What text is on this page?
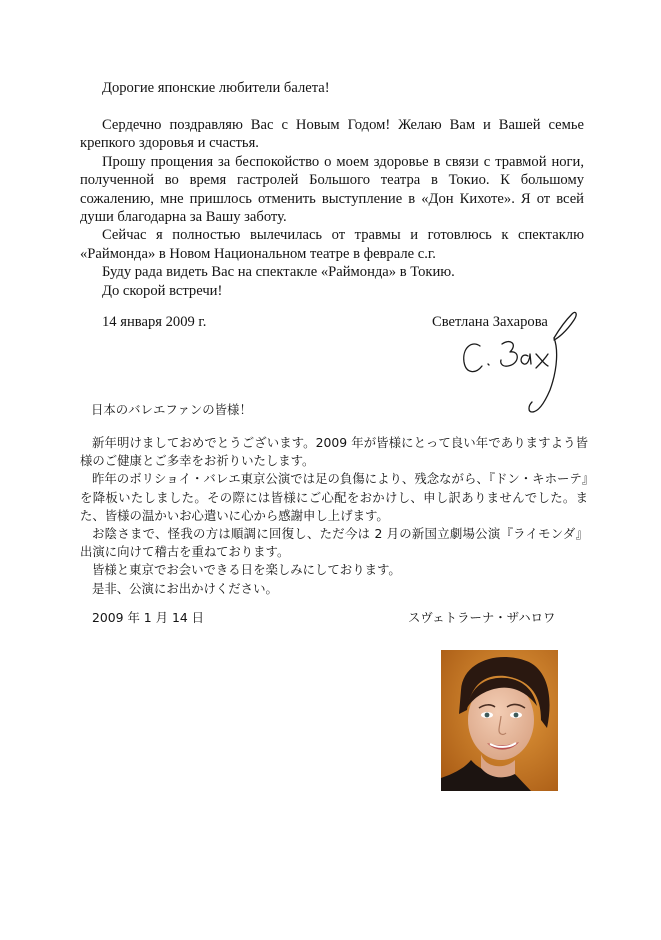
Дорогие японские любители балета!

Сердечно поздравляю Вас с Новым Годом! Желаю Вам и Вашей семье крепкого здоровья и счастья.

Прошу прощения за беспокойство о моем здоровье в связи с травмой ноги, полученной во время гастролей Большого театра в Токио. К большому сожалению, мне пришлось отменить выступление в «Дон Кихоте». Я от всей души благодарна за Вашу заботу.

Сейчас я полностью вылечилась от травмы и готовлюсь к спектаклю «Раймонда» в Новом Национальном театре в феврале с.г.

Буду рада видеть Вас на спектакле «Раймонда» в Токию.

До скорой встречи!

14 января 2009 г.	Светлана Захарова
日本のバレエファンの皆様！

新年明けましておめでとうございます。2009 年が皆様にとって良い年でありますよう皆様のご健康とご多幸をお祈りいたします。

昨年のボリショイ・バレエ東京公演では足の負傷により、残念ながら、『ドン・キホーテ』を降板いたしました。その際には皆様にご心配をおかけし、申し訳ありませんでした。また、皆様の温かいお心遣いに心から感謝申し上げます。

お陰さまで、怪我の方は順調に回復し、ただ今は 2 月の新国立劇場公演『ライモンダ』出演に向けて稽古を重ねております。

皆様と東京でお会いできる日を楽しみにしております。

是非、公演にお出かけください。

2009 年 1 月 14 日	スヴェトラーナ・ザハロワ
